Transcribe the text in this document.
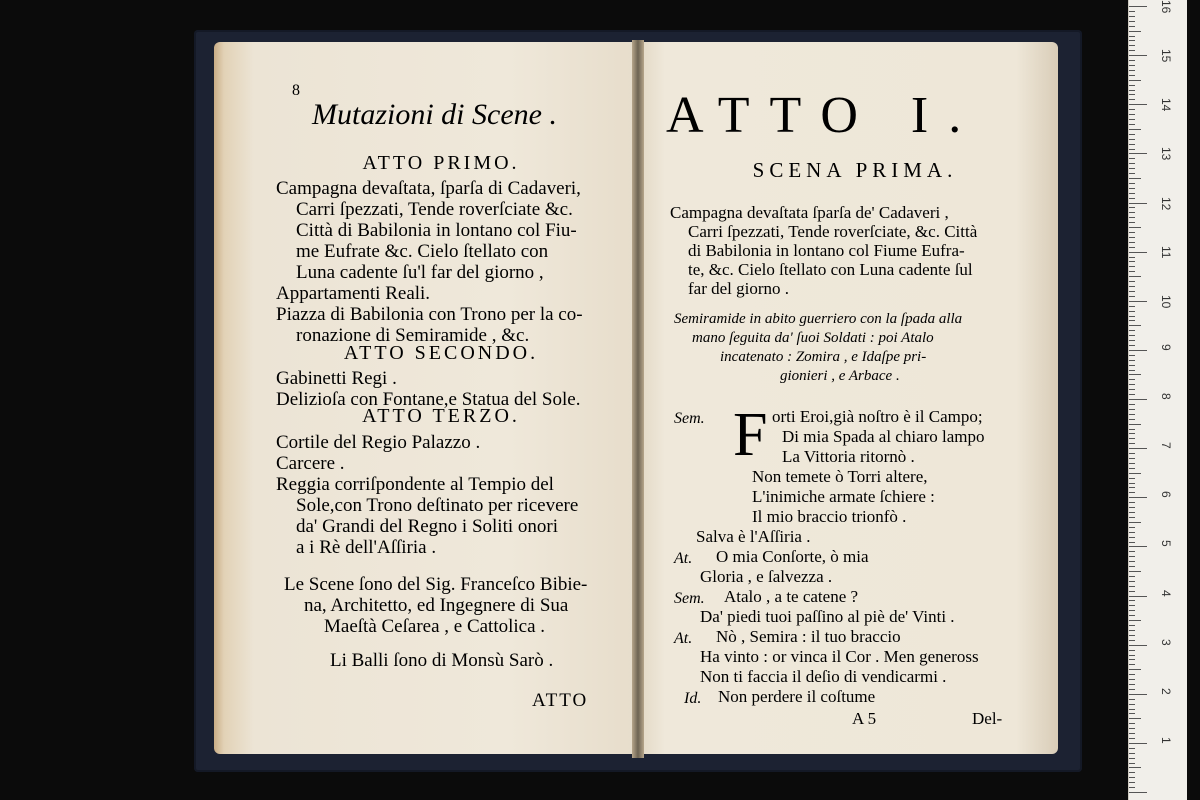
8
Mutazioni di Scene .
ATTO PRIMO.
Campagna devaſtata, ſparſa di Cadaveri,
Carri ſpezzati, Tende roverſciate &c.
Città di Babilonia in lontano col Fiu-
me Eufrate &c. Cielo ſtellato con
Luna cadente ſu'l far del giorno ,
Appartamenti Reali.
Piazza di Babilonia con Trono per la co-
ronazione di Semiramide , &c.
ATTO SECONDO.
Gabinetti Regi .
Delizioſa con Fontane,e Statua del Sole.
ATTO TERZO.
Cortile del Regio Palazzo .
Carcere .
Reggia corriſpondente al Tempio del
Sole,con Trono deſtinato per ricevere
da' Grandi del Regno i Soliti onori
a i Rè dell'Aſſiria .
Le Scene ſono del Sig. Franceſco Bibie-
na, Architetto, ed Ingegnere di Sua
Maeſtà Ceſarea , e Cattolica .
Li Balli ſono di Monsù Sarò .
ATTO
ATTO I.
SCENA PRIMA.
Campagna devaſtata ſparſa de' Cadaveri ,
Carri ſpezzati, Tende roverſciate, &c. Città
di Babilonia in lontano col Fiume Eufra-
te, &c. Cielo ſtellato con Luna cadente ſul
far del giorno .
Semiramide in abito guerriero con la ſpada alla
mano ſeguita da' ſuoi Soldati : poi Atalo
incatenato : Zomira , e Idaſpe pri-
gionieri , e Arbace .
F
Sem.	orti Eroi,già noſtro è il Campo;
Di mia Spada al chiaro lampo
La Vittoria ritornò .
Non temete ò Torri altere,
L'inimiche armate ſchiere :
Il mio braccio trionfò .
Salva è l'Aſſiria .
At. O mia Conſorte, ò mia
Gloria , e ſalvezza .
Sem. Atalo , a te catene ?
Da' piedi tuoi paſſino al piè de' Vinti .
At. Nò , Semira : il tuo braccio
Ha vinto : or vinca il Cor . Men geneross
Non ti faccia il deſio di vendicarmi .
Id. Non perdere il coſtume
A 5	Del-
16
15
14
13
12
11
10
9
8
7
6
5
4
3
2
1
